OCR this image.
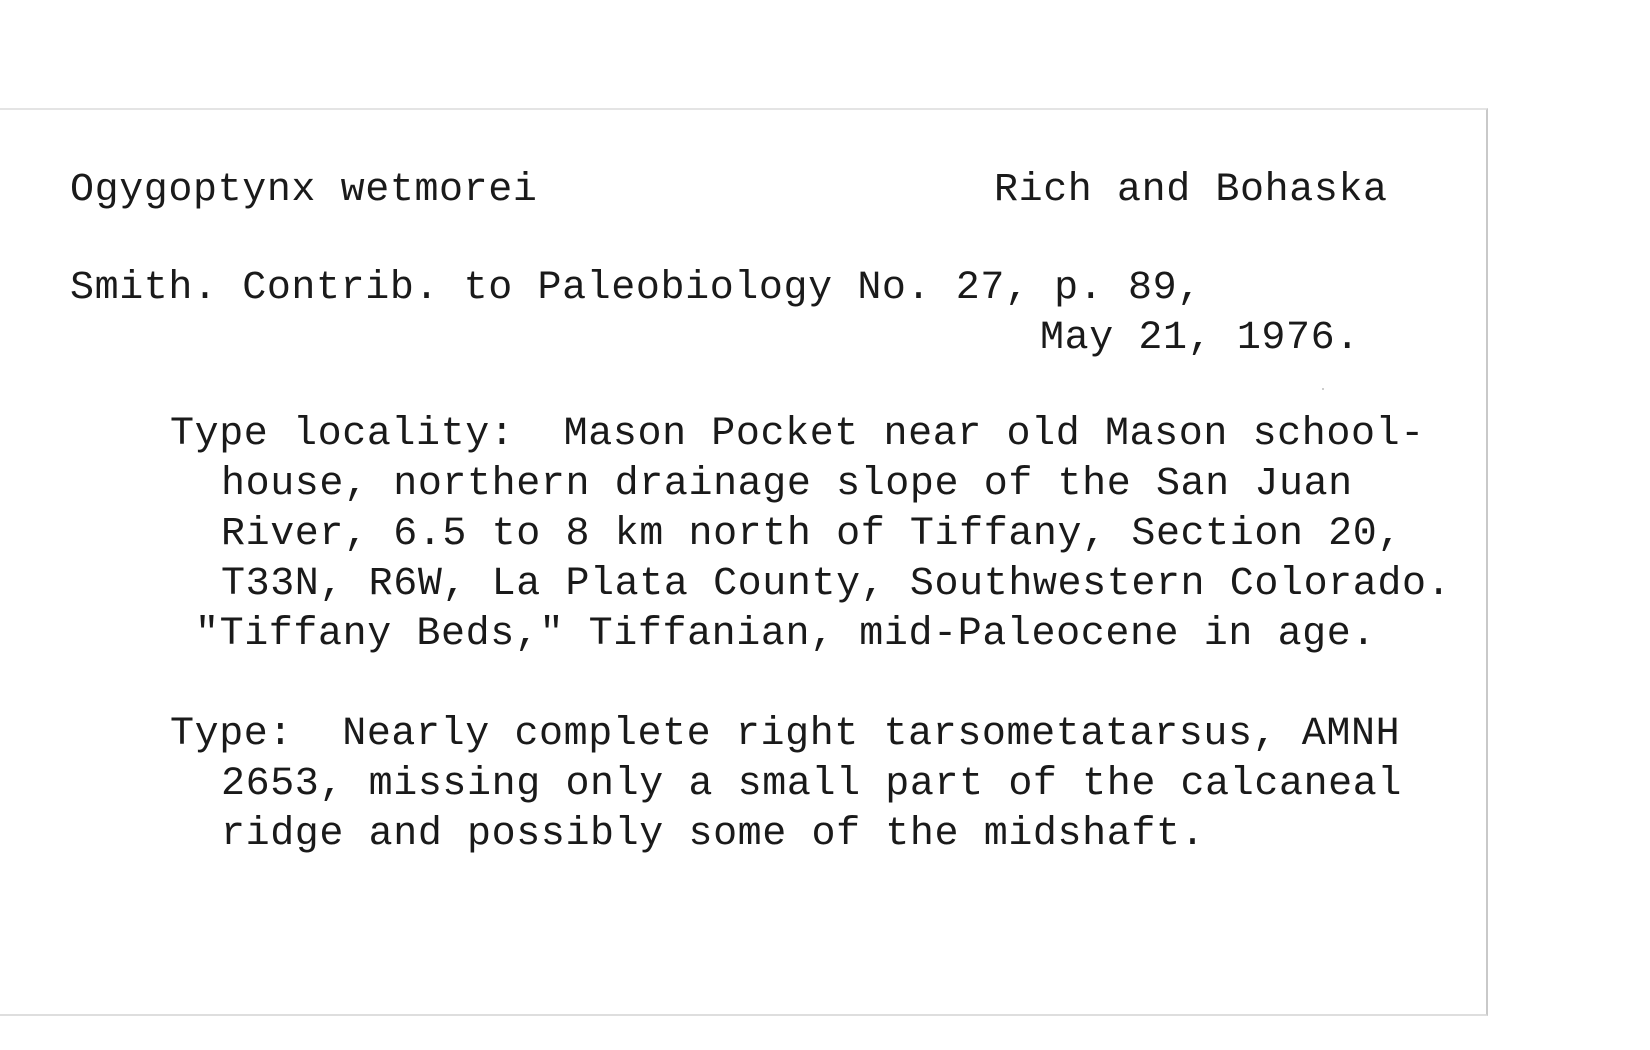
Ogygoptynx wetmorei	Rich and Bohaska
Smith. Contrib. to Paleobiology No. 27, p. 89,
May 21, 1976.
Type locality:  Mason Pocket near old Mason school-
house, northern drainage slope of the San Juan
River, 6.5 to 8 km north of Tiffany, Section 20,
T33N, R6W, La Plata County, Southwestern Colorado.
"Tiffany Beds," Tiffanian, mid-Paleocene in age.
Type:  Nearly complete right tarsometatarsus, AMNH
2653, missing only a small part of the calcaneal
ridge and possibly some of the midshaft.
